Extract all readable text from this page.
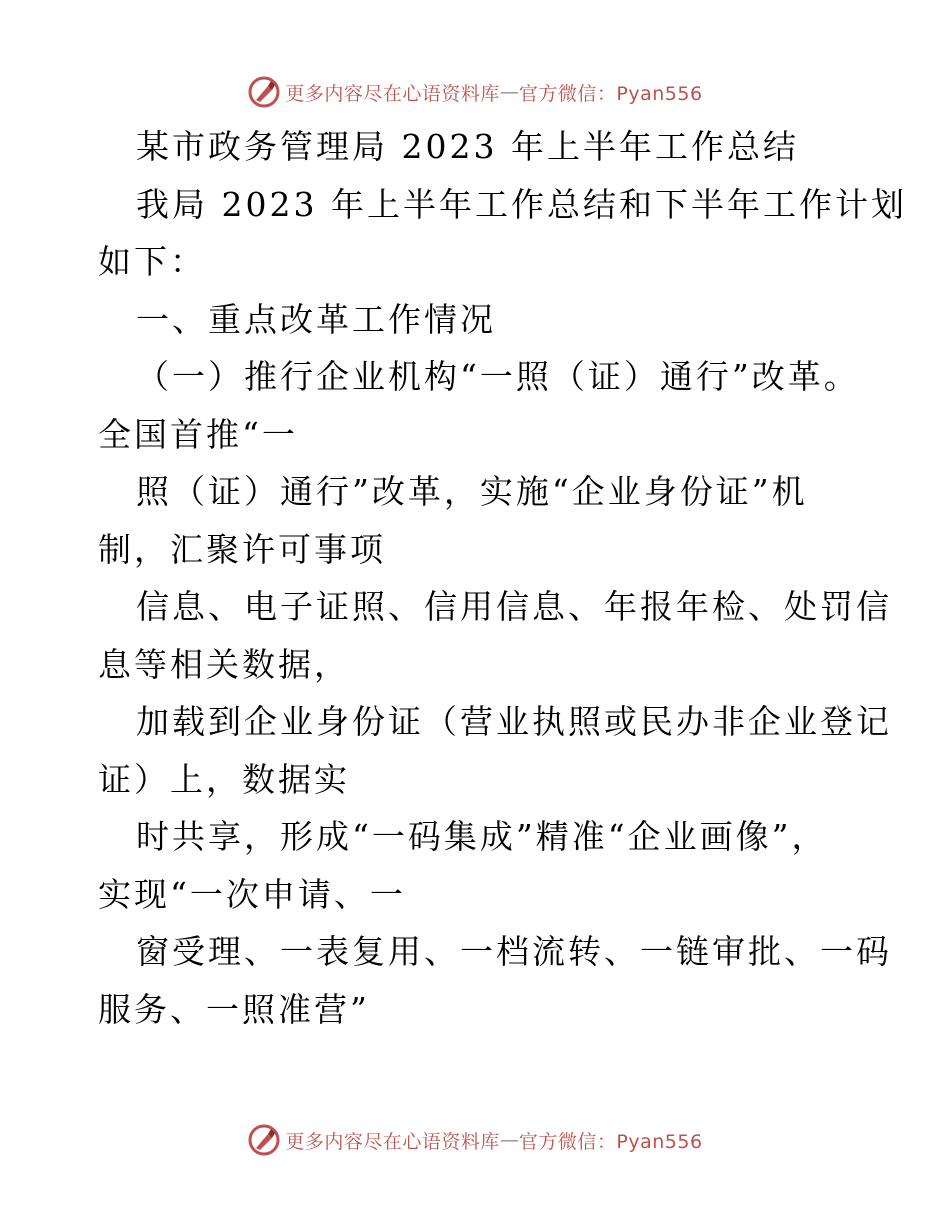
更多内容尽在心语资料库 — 官方微信：Pyan556
某市政务管理局 2023 年上半年工作总结
我局 2023 年上半年工作总结和下半年工作计划
如下：
一、重点改革工作情况
（一）推行企业机构“一照（证）通行”改革。
全国首推“一
照（证）通行”改革，实施“企业身份证”机
制，汇聚许可事项
信息、电子证照、信用信息、年报年检、处罚信
息等相关数据，
加载到企业身份证（营业执照或民办非企业登记
证）上，数据实
时共享，形成“一码集成”精准“企业画像”，
实现“一次申请、一
窗受理、一表复用、一档流转、一链审批、一码
服务、一照准营”
更多内容尽在心语资料库 — 官方微信：Pyan556
